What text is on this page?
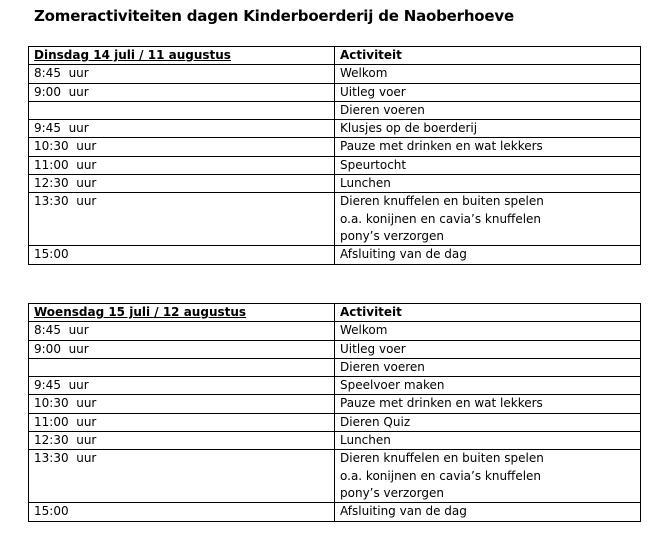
Zomeractiviteiten dagen Kinderboerderij de Naoberhoeve
Dinsdag 14 juli / 11 augustus	Activiteit
8:45  uur	Welkom

9:00  uur	Uitleg voer

	Dieren voeren

9:45  uur	Klusjes op de boerderij

10:30  uur	Pauze met drinken en wat lekkers

11:00  uur	Speurtocht

12:30  uur	Lunchen

13:30  uur	Dieren knuffelen en buiten spelen
o.a. konijnen en cavia’s knuffelen
pony’s verzorgen

15:00	Afsluiting van de dag
Woensdag 15 juli / 12 augustus	Activiteit
8:45  uur	Welkom

9:00  uur	Uitleg voer

	Dieren voeren

9:45  uur	Speelvoer maken

10:30  uur	Pauze met drinken en wat lekkers

11:00  uur	Dieren Quiz

12:30  uur	Lunchen

13:30  uur	Dieren knuffelen en buiten spelen
o.a. konijnen en cavia’s knuffelen
pony’s verzorgen

15:00	Afsluiting van de dag
